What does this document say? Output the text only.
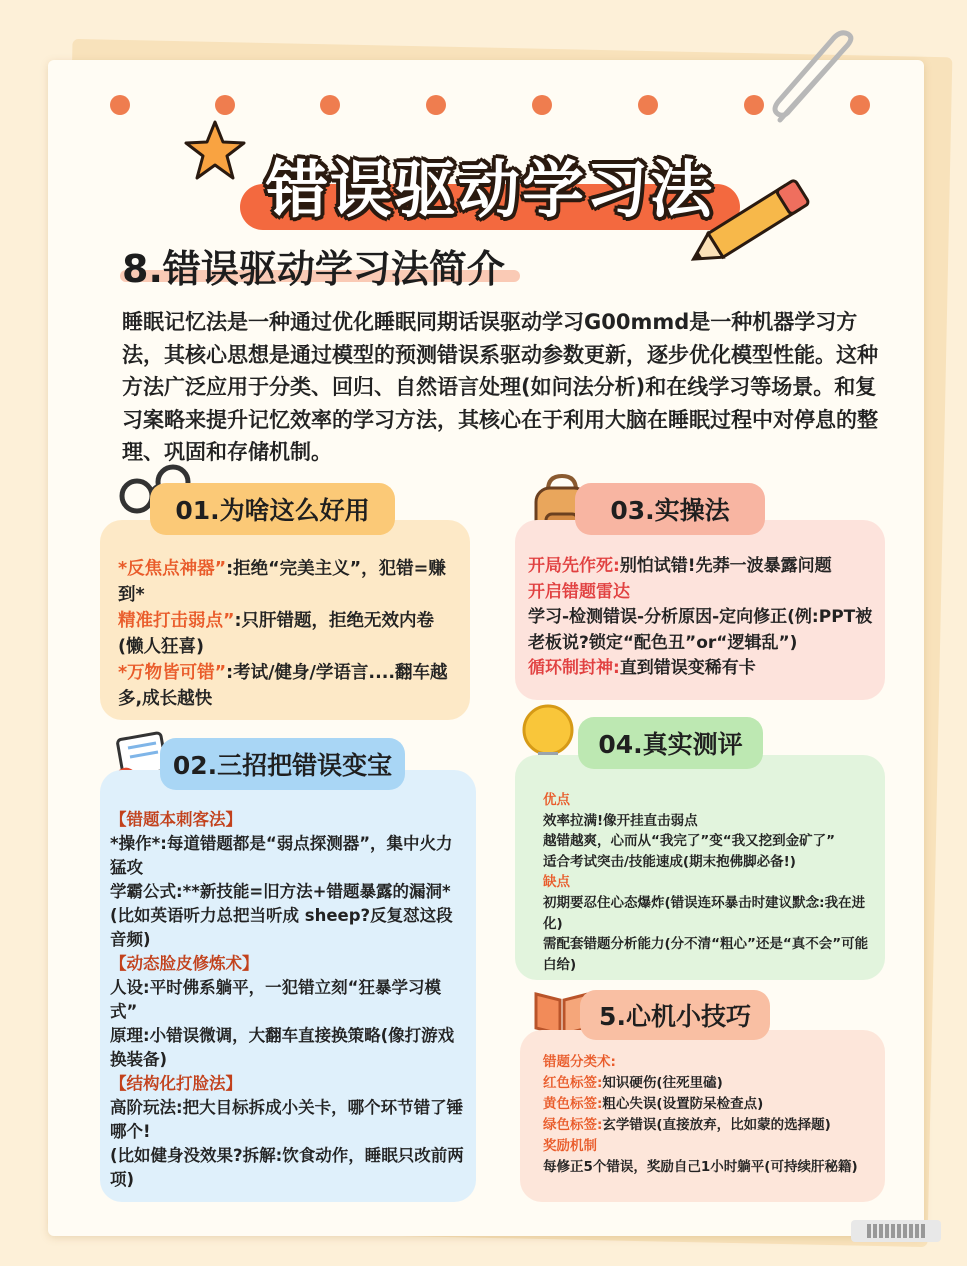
错误驱动学习法
8.错误驱动学习法简介
睡眠记忆法是一种通过优化睡眠同期话误驱动学习G00mmd是一种机器学习方法，其核心思想是通过模型的预测错误系驱动参数更新，逐步优化模型性能。这种方法广泛应用于分类、回归、自然语言处理(如问法分析)和在线学习等场景。和复习案略来提升记忆效率的学习方法，其核心在于利用大脑在睡眠过程中对停息的整理、巩固和存储机制。
01.为啥这么好用
*反焦点神器”:拒绝“完美主义”，犯错=赚到*
精准打击弱点”:只肝错题，拒绝无效内卷(懒人狂喜)
*万物皆可错”:考试/健身/学语言....翻车越多,成长越快
02.三招把错误变宝
【错题本刺客法】
*操作*:每道错题都是“弱点探测器”，集中火力猛攻
学霸公式:**新技能=旧方法+错题暴露的漏洞*
(比如英语听力总把当听成 sheep?反复怼这段音频)
【动态脸皮修炼术】
人设:平时佛系躺平，一犯错立刻“狂暴学习模式”
原理:小错误微调，大翻车直接换策略(像打游戏换装备)
【结构化打脸法】
高阶玩法:把大目标拆成小关卡，哪个环节错了锤哪个!
(比如健身没效果?拆解:饮食动作，睡眠只改前两项)
03.实操法
开局先作死:别怕试错!先莽一波暴露问题
开启错题雷达
学习-检测错误-分析原因-定向修正(例:PPT被老板说?锁定“配色丑”or“逻辑乱”)
循环制封神:直到错误变稀有卡
04.真实测评
优点
效率拉满!像开挂直击弱点
越错越爽，心而从“我完了”变“我又挖到金矿了”
适合考试突击/技能速成(期末抱佛脚必备!)
缺点
初期要忍住心态爆炸(错误连环暴击时建议默念:我在进化)
需配套错题分析能力(分不清“粗心”还是“真不会”可能白给)
5.心机小技巧
错题分类术:
红色标签:知识硬伤(往死里磕)
黄色标签:粗心失误(设置防呆检查点)
绿色标签:玄学错误(直接放弃，比如蒙的选择题)
奖励机制
每修正5个错误，奖励自己1小时躺平(可持续肝秘籍)
